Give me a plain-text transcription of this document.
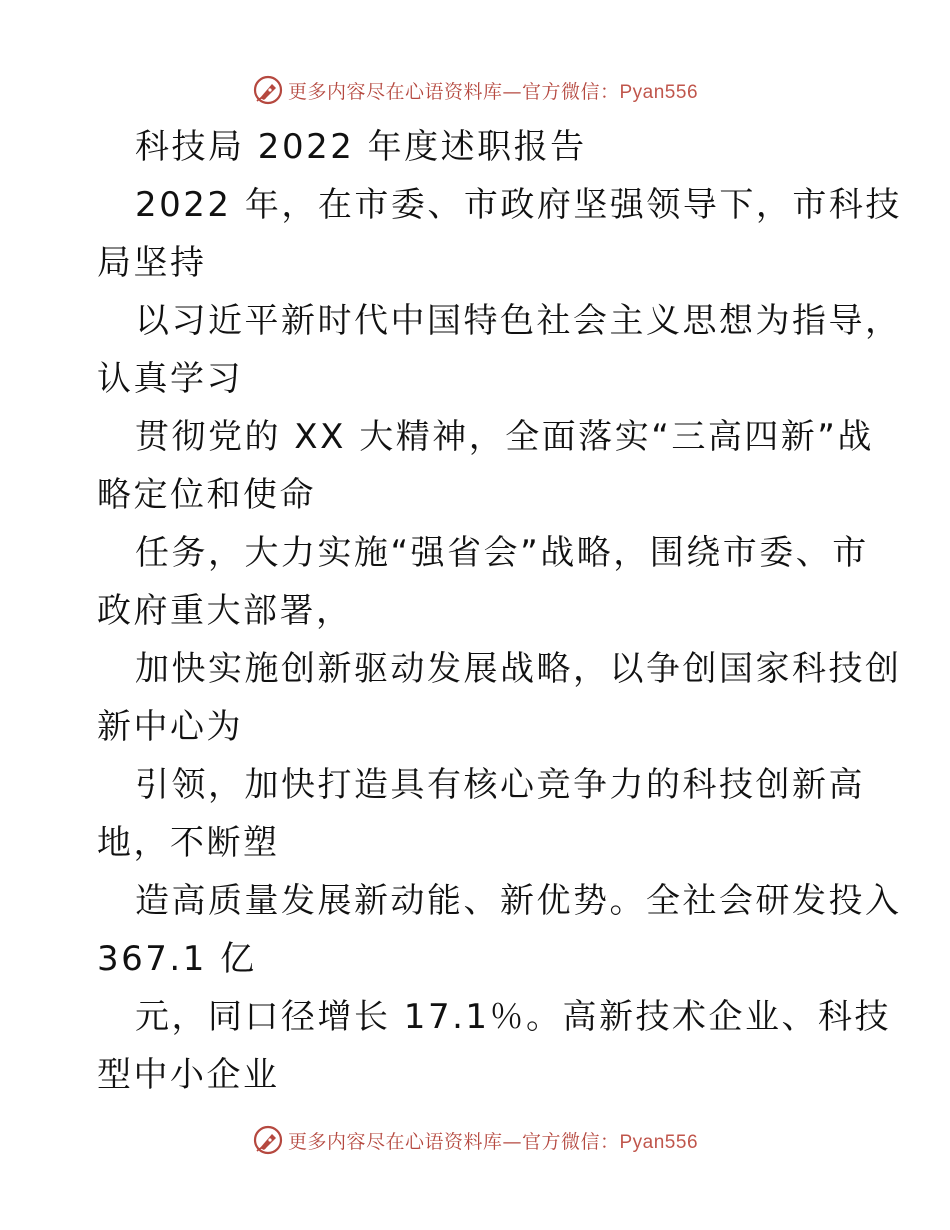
更多内容尽在心语资料库—官方微信：Pyan556
科技局 2022 年度述职报告
2022 年，在市委、市政府坚强领导下，市科技
局坚持
以习近平新时代中国特色社会主义思想为指导，
认真学习
贯彻党的 XX 大精神，全面落实“三高四新”战
略定位和使命
任务，大力实施“强省会”战略，围绕市委、市
政府重大部署，
加快实施创新驱动发展战略，以争创国家科技创
新中心为
引领，加快打造具有核心竞争力的科技创新高
地，不断塑
造高质量发展新动能、新优势。全社会研发投入
367.1 亿
元，同口径增长 17.1％。高新技术企业、科技
型中小企业
更多内容尽在心语资料库—官方微信：Pyan556
